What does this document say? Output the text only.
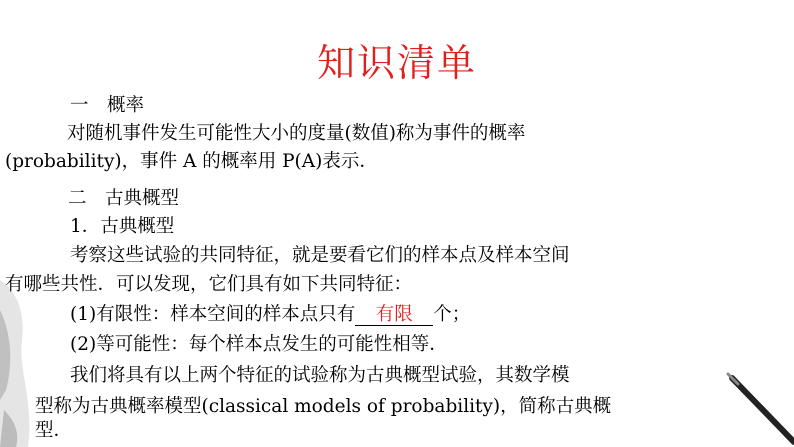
知识清单
一　概率
对随机事件发生可能性大小的度量(数值)称为事件的概率
(probability)，事件 A 的概率用 P(A)表示．
二　古典概型
1．古典概型
考察这些试验的共同特征，就是要看它们的样本点及样本空间
有哪些共性．可以发现，它们具有如下共同特征：
(1)有限性：样本空间的样本点只有 有限 个；
(2)等可能性：每个样本点发生的可能性相等．
我们将具有以上两个特征的试验称为古典概型试验，其数学模
型称为古典概率模型(classical models of probability)，简称古典概
型．
